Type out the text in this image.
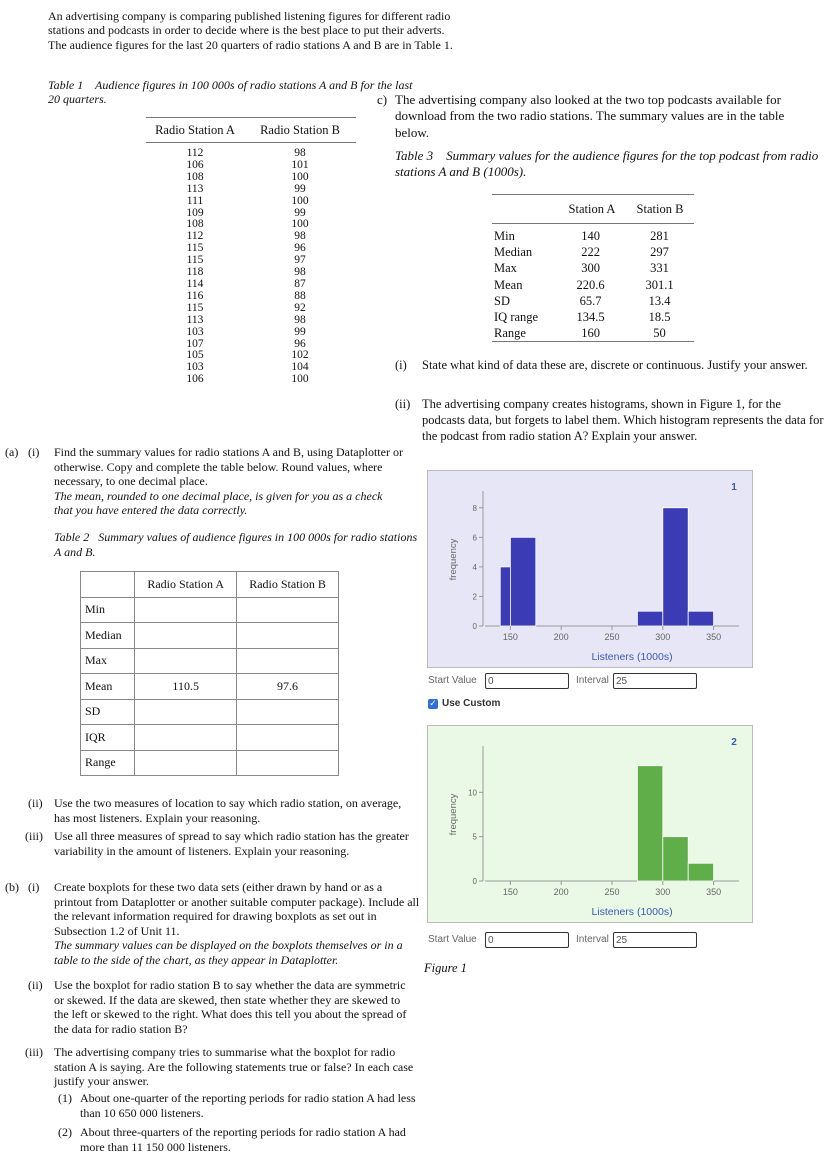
An advertising company is comparing published listening figures for different radio stations and podcasts in order to decide where is the best place to put their adverts. The audience figures for the last 20 quarters of radio stations A and B are in Table 1.

Table 1 Audience figures in 100 000s of radio stations A and B for the last 20 quarters.
Radio Station A	Radio Station B
112	98
106	101
108	100
113	99
111	100
109	99
108	100
112	98
115	96
115	97
118	98
114	87
116	88
115	92
113	98
103	99
107	96
105	102
103	104
106	100
(a) (i) Find the summary values for radio stations A and B, using Dataplotter or otherwise. Copy and complete the table below. Round values, where necessary, to one decimal place.

The mean, rounded to one decimal place, is given for you as a check that you have entered the data correctly.

Table 2 Summary values of audience figures in 100 000s for radio stations A and B.
	Radio Station A	Radio Station B
Min		
Median		
Max		
Mean	110.5	97.6
SD		
IQR		
Range		
(ii) Use the two measures of location to say which radio station, on average, has most listeners. Explain your reasoning.

(iii) Use all three measures of spread to say which radio station has the greater variability in the amount of listeners. Explain your reasoning.

(b) (i) Create boxplots for these two data sets (either drawn by hand or as a printout from Dataplotter or another suitable computer package). Include all the relevant information required for drawing boxplots as set out in Subsection 1.2 of Unit 11.

The summary values can be displayed on the boxplots themselves or in a table to the side of the chart, as they appear in Dataplotter.

(ii) Use the boxplot for radio station B to say whether the data are symmetric or skewed. If the data are skewed, then state whether they are skewed to the left or skewed to the right. What does this tell you about the spread of the data for radio station B?

(iii) The advertising company tries to summarise what the boxplot for radio station A is saying. Are the following statements true or false? In each case justify your answer.

(1) About one-quarter of the reporting periods for radio station A had less than 10 650 000 listeners.

(2) About three-quarters of the reporting periods for radio station A had more than 11 150 000 listeners.

c) The advertising company also looked at the two top podcasts available for download from the two radio stations. The summary values are in the table below.

Table 3 Summary values for the audience figures for the top podcast from radio stations A and B (1000s).
Station A	Station B
Min	140	281
Median	222	297
Max	300	331
Mean	220.6	301.1
SD	65.7	13.4
IQ range	134.5	18.5
Range	160	50
(i) State what kind of data these are, discrete or continuous. Justify your answer.

(ii) The advertising company creates histograms, shown in Figure 1, for the podcasts data, but forgets to label them. Which histogram represents the data for the podcast from radio station A? Explain your answer.

150	200	250	300	350
0
2
4
6
8
Listeners (1000s)
frequency
1
Start Value	0	Interval 25
✓ Use Custom
150	200	250	300	350
0
5
10
Listeners (1000s)
frequency
2
Start Value	0	Interval 25
Figure 1
